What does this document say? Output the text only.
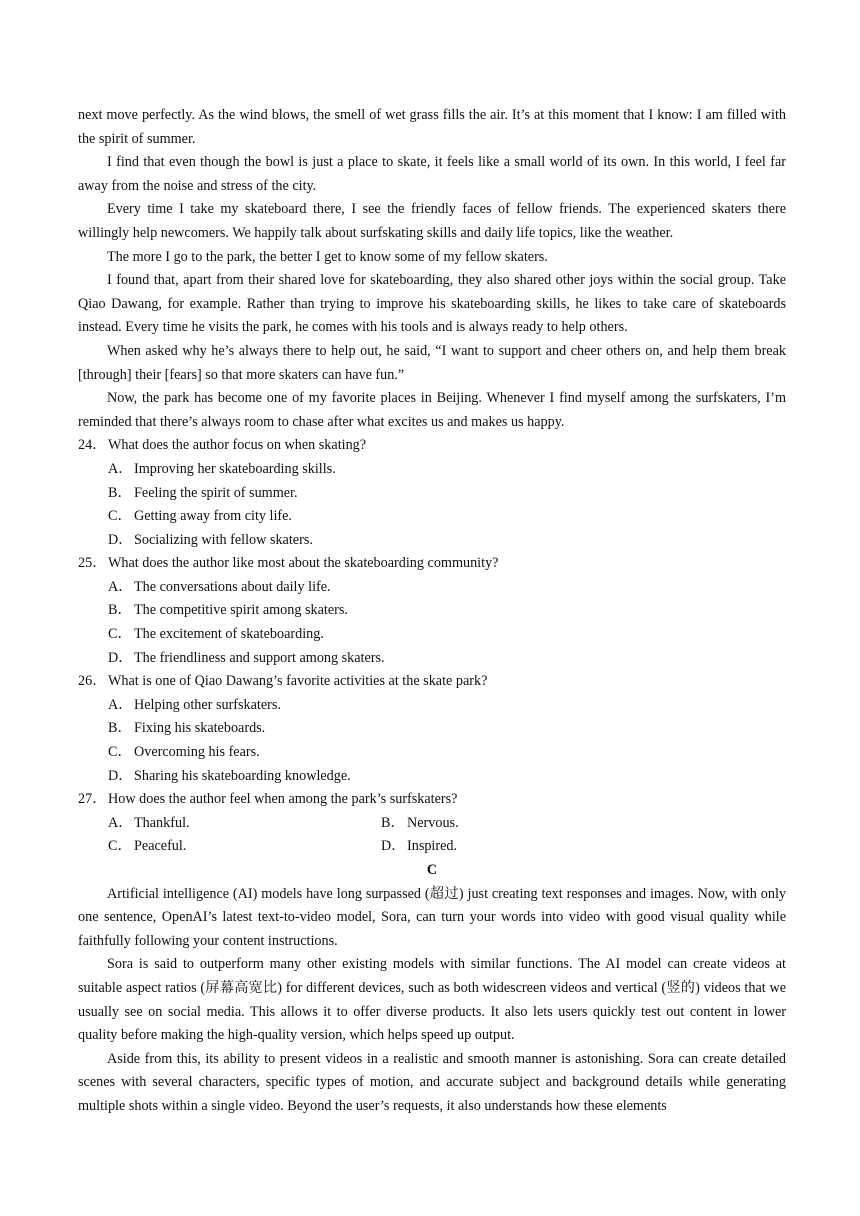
next move perfectly. As the wind blows, the smell of wet grass fills the air. It’s at this moment that I know: I am filled with the spirit of summer.

I find that even though the bowl is just a place to skate, it feels like a small world of its own. In this world, I feel far away from the noise and stress of the city.

Every time I take my skateboard there, I see the friendly faces of fellow friends. The experienced skaters there willingly help newcomers. We happily talk about surfskating skills and daily life topics, like the weather.

The more I go to the park, the better I get to know some of my fellow skaters.

I found that, apart from their shared love for skateboarding, they also shared other joys within the social group. Take Qiao Dawang, for example. Rather than trying to improve his skateboarding skills, he likes to take care of skateboards instead. Every time he visits the park, he comes with his tools and is always ready to help others.

When asked why he’s always there to help out, he said, “I want to support and cheer others on, and help them break [through] their [fears] so that more skaters can have fun.”

Now, the park has become one of my favorite places in Beijing. Whenever I find myself among the surfskaters, I’m reminded that there’s always room to chase after what excites us and makes us happy.

24． What does the author focus on when skating?

A． Improving her skateboarding skills.

B． Feeling the spirit of summer.

C． Getting away from city life.

D． Socializing with fellow skaters.

25． What does the author like most about the skateboarding community?

A． The conversations about daily life.

B． The competitive spirit among skaters.

C． The excitement of skateboarding.

D． The friendliness and support among skaters.

26． What is one of Qiao Dawang’s favorite activities at the skate park?

A． Helping other surfskaters.

B． Fixing his skateboards.

C． Overcoming his fears.

D． Sharing his skateboarding knowledge.

27． How does the author feel when among the park’s surfskaters?

A． Thankful.	B． Nervous.
C． Peaceful.	D． Inspired.

C

Artificial intelligence (AI) models have long surpassed (超过) just creating text responses and images. Now, with only one sentence, OpenAI’s latest text-to-video model, Sora, can turn your words into video with good visual quality while faithfully following your content instructions.

Sora is said to outperform many other existing models with similar functions. The AI model can create videos at suitable aspect ratios (屏幕高宽比) for different devices, such as both widescreen videos and vertical (竖的) videos that we usually see on social media. This allows it to offer diverse products. It also lets users quickly test out content in lower quality before making the high-quality version, which helps speed up output.

Aside from this, its ability to present videos in a realistic and smooth manner is astonishing. Sora can create detailed scenes with several characters, specific types of motion, and accurate subject and background details while generating multiple shots within a single video. Beyond the user’s requests, it also understands how these elements
